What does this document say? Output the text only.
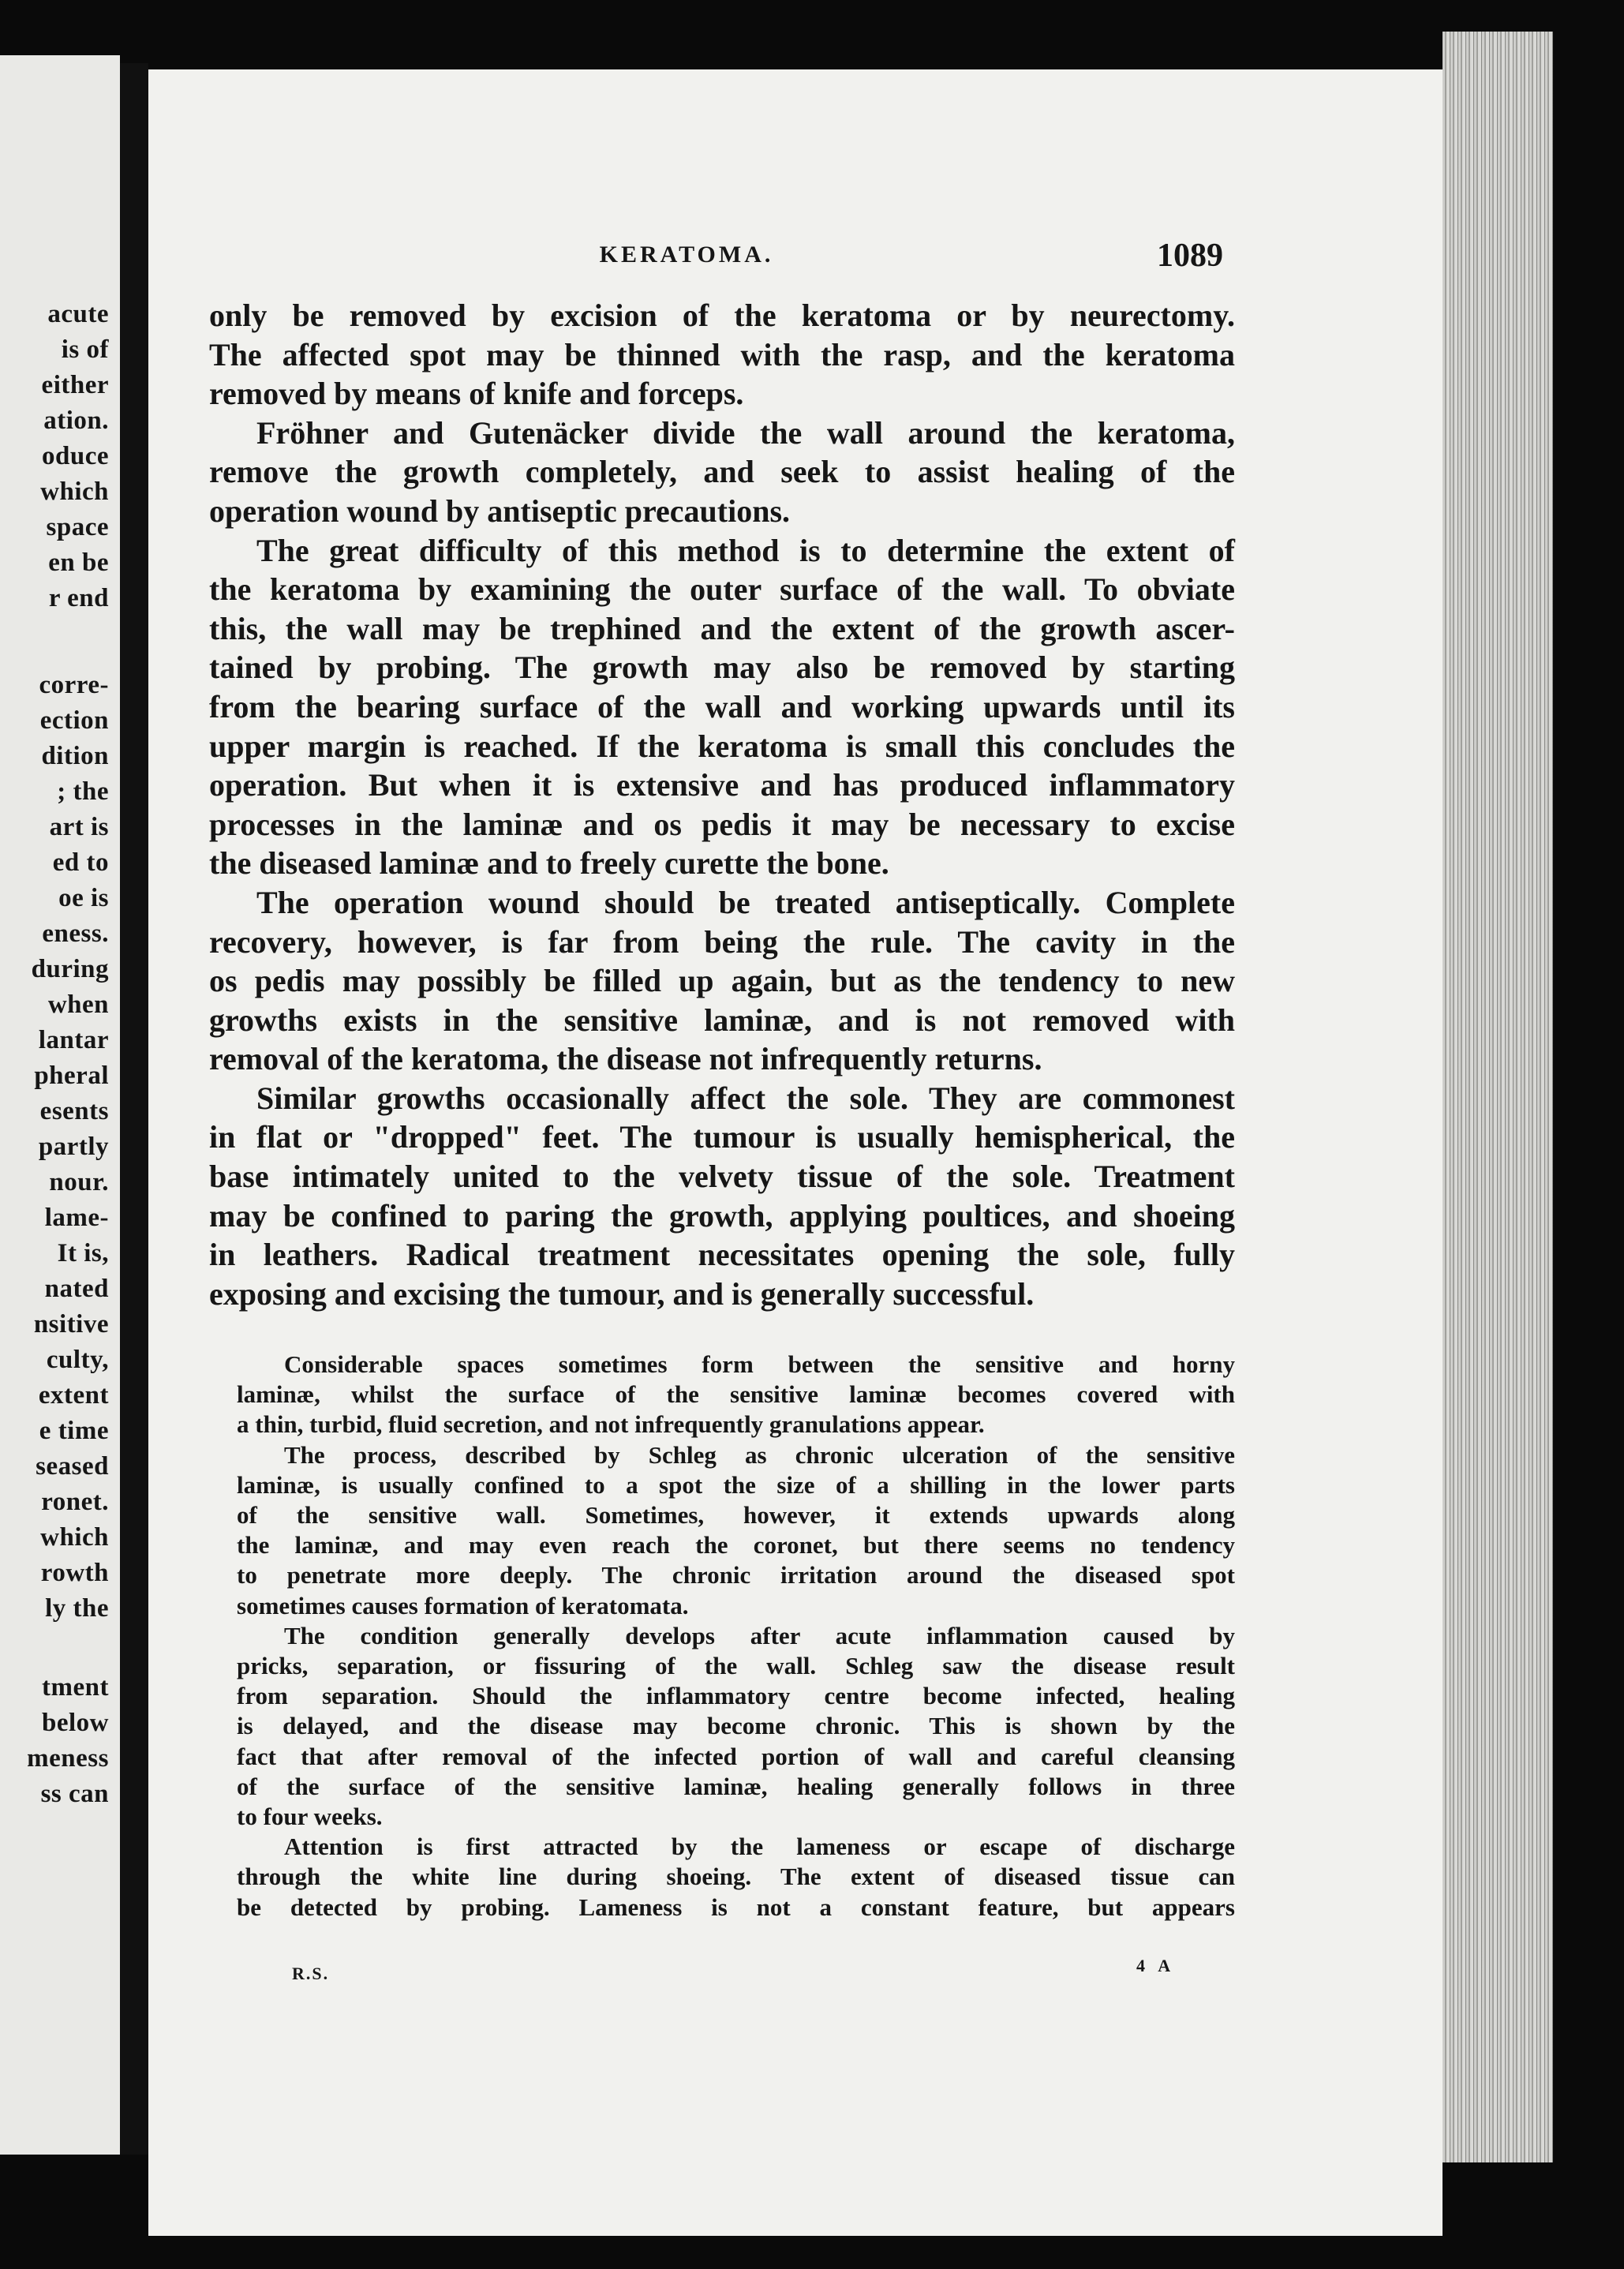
acute
is of
either
ation.
oduce
which
space
en be
r end
corre-
ection
dition
; the
art is
ed to
oe is
eness.
during
when
lantar
pheral
esents
partly
nour.
lame-
It is,
nated
nsitive
culty,
extent
e time
seased
ronet.
which
rowth
ly the
tment
below
meness
ss can
KERATOMA.	1089
only be removed by excision of the keratoma or by neurectomy.
The affected spot may be thinned with the rasp, and the keratoma
removed by means of knife and forceps.
Fröhner and Gutenäcker divide the wall around the keratoma,
remove the growth completely, and seek to assist healing of the
operation wound by antiseptic precautions.
The great difficulty of this method is to determine the extent of
the keratoma by examining the outer surface of the wall. To obviate
this, the wall may be trephined and the extent of the growth ascer-
tained by probing. The growth may also be removed by starting
from the bearing surface of the wall and working upwards until its
upper margin is reached. If the keratoma is small this concludes the
operation. But when it is extensive and has produced inflammatory
processes in the laminæ and os pedis it may be necessary to excise
the diseased laminæ and to freely curette the bone.
The operation wound should be treated antiseptically. Complete
recovery, however, is far from being the rule. The cavity in the
os pedis may possibly be filled up again, but as the tendency to new
growths exists in the sensitive laminæ, and is not removed with
removal of the keratoma, the disease not infrequently returns.
Similar growths occasionally affect the sole. They are commonest
in flat or "dropped" feet. The tumour is usually hemispherical, the
base intimately united to the velvety tissue of the sole. Treatment
may be confined to paring the growth, applying poultices, and shoeing
in leathers. Radical treatment necessitates opening the sole, fully
exposing and excising the tumour, and is generally successful.
Considerable spaces sometimes form between the sensitive and horny
laminæ, whilst the surface of the sensitive laminæ becomes covered with
a thin, turbid, fluid secretion, and not infrequently granulations appear.
The process, described by Schleg as chronic ulceration of the sensitive
laminæ, is usually confined to a spot the size of a shilling in the lower parts
of the sensitive wall. Sometimes, however, it extends upwards along
the laminæ, and may even reach the coronet, but there seems no tendency
to penetrate more deeply. The chronic irritation around the diseased spot
sometimes causes formation of keratomata.
The condition generally develops after acute inflammation caused by
pricks, separation, or fissuring of the wall. Schleg saw the disease result
from separation. Should the inflammatory centre become infected, healing
is delayed, and the disease may become chronic. This is shown by the
fact that after removal of the infected portion of wall and careful cleansing
of the surface of the sensitive laminæ, healing generally follows in three
to four weeks.
Attention is first attracted by the lameness or escape of discharge
through the white line during shoeing. The extent of diseased tissue can
be detected by probing. Lameness is not a constant feature, but appears
R.S.	4 A
